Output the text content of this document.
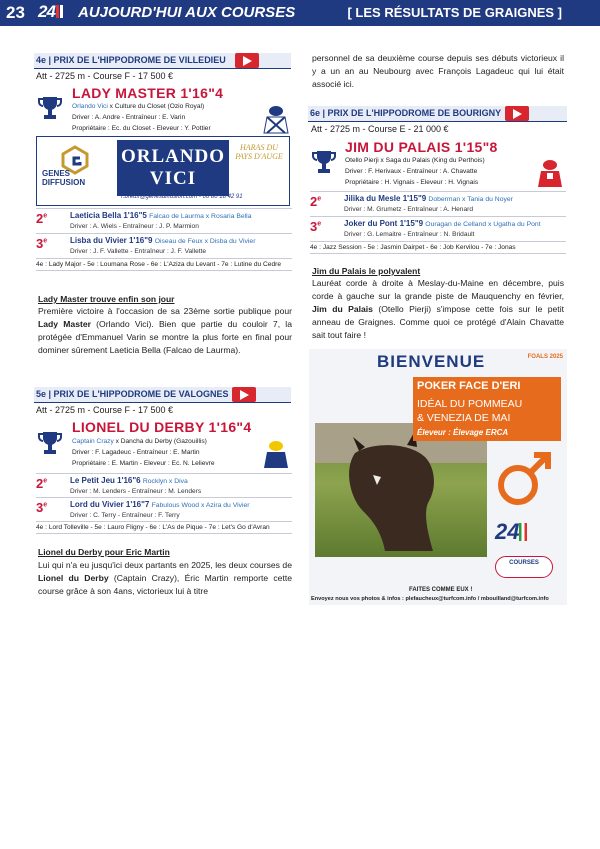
23 24	AUJOURD'HUI AUX COURSES	[ LES RÉSULTATS DE GRAIGNES ]
4e | PRIX DE L'HIPPODROME DE VILLEDIEU
Att - 2725 m - Course F - 17 500 €
LADY MASTER 1'16"4
Orlando Vici x Culture du Closet (Ozio Royal)
Driver : A. Andre - Entraîneur : E. Varin
Propriétaire : Ec. du Closet - Eleveur : Y. Pottier
GENES
DIFFUSION
ORLANDO VICI
HARAS DU PAYS D'AUGE
r.breux@genesdiffusion.com - 06 80 18 42 91
2e	Laeticia Bella 1'16"5 Falcao de Laurma x Rosaria Bella
Driver : A. Wiels - Entraîneur : J. P. Marmion
3e	Lisba du Vivier 1'16"9 Oiseau de Feux x Disba du Vivier
Driver : J. F. Vallette - Entraîneur : J. F. Vallette
4e : Lady Major - 5e : Loumana Rose - 6e : L'Aziza du Levant - 7e : Lutine du Cedre
Lady Master trouve enfin son jour
Première victoire à l'occasion de sa 23ème sortie publique pour Lady Master (Orlando Vici). Bien que partie du couloir 7, la protégée d'Emmanuel Varin se montre la plus forte en final pour dominer sûrement Laeticia Bella (Falcao de Laurma).
5e | PRIX DE L'HIPPODROME DE VALOGNES
Att - 2725 m - Course F - 17 500 €
LIONEL DU DERBY 1'16"4
Captain Crazy x Dancha du Derby (Gazouillis)
Driver : F. Lagadeuc - Entraîneur : E. Martin
Propriétaire : E. Martin - Eleveur : Ec. N. Lelievre
2e	Le Petit Jeu 1'16"6 Rocklyn x Diva
Driver : M. Lenders - Entraîneur : M. Lenders
3e	Lord du Vivier 1'16"7 Fabulous Wood x Azira du Vivier
Driver : C. Terry - Entraîneur : F. Terry
4e : Lord Tolleville - 5e : Lauro Fligny - 6e : L'As de Pique - 7e : Let's Go d'Avran
Lionel du Derby pour Eric Martin
Lui qui n'a eu jusqu'ici deux partants en 2025, les deux courses de Lionel du Derby (Captain Crazy), Éric Martin remporte cette course grâce à son 4ans, victorieux lui à titre
personnel de sa deuxième course depuis ses débuts victorieux il y a un an au Neubourg avec François Lagadeuc qui lui était associé ici.
6e | PRIX DE L'HIPPODROME DE BOURIGNY
Att - 2725 m - Course E - 21 000 €
JIM DU PALAIS 1'15"8
Otello Pierji x Saga du Palais (King du Perthois)
Driver : F. Herivaux - Entraîneur : A. Chavatte
Propriétaire : H. Vignais - Eleveur : H. Vignais
2e	Jilika du Mesle 1'15"9 Doberman x Tania du Noyer
Driver : M. Grumetz - Entraîneur : A. Henard
3e	Joker du Pont 1'15"9 Ouragan de Celland x Ugatha du Pont
Driver : G. Lemaitre - Entraîneur : N. Bridault
4e : Jazz Session - 5e : Jasmin Dairpet - 6e : Job Kervilou - 7e : Jonas
Jim du Palais le polyvalent
Lauréat corde à droite à Meslay-du-Maine en décembre, puis corde à gauche sur la grande piste de Mauquenchy en février, Jim du Palais (Otello Pierji) s'impose cette fois sur le petit anneau de Graignes. Comme quoi ce protégé d'Alain Chavatte sait tout faire !
BIENVENUE	FOALS 2025
POKER FACE D'ERI
IDÉAL DU POMMEAU
& VENEZIA DE MAI
Éleveur : Élevage ERCA
24
COURSES
FAITES COMME EUX !
Envoyez nous vos photos & infos : plefaucheux@turfcom.info / mbouilland@turfcom.info
